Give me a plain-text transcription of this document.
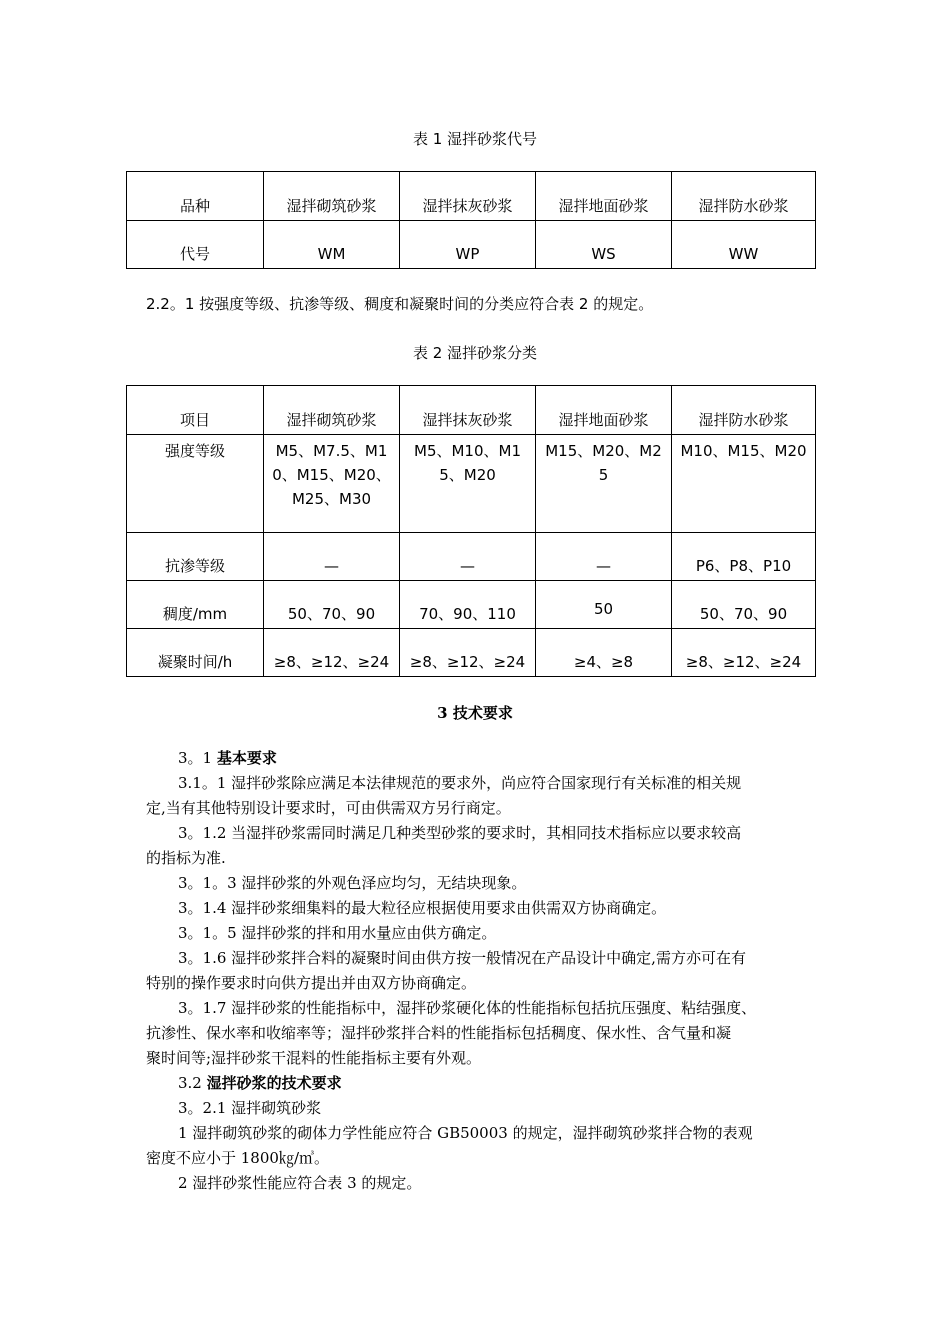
表 1 湿拌砂浆代号
品种	湿拌砌筑砂浆	湿拌抹灰砂浆	湿拌地面砂浆	湿拌防水砂浆
代号	WM	WP	WS	WW
2.2。1 按强度等级、抗渗等级、稠度和凝聚时间的分类应符合表 2 的规定。
表 2 湿拌砂浆分类
项目	湿拌砌筑砂浆	湿拌抹灰砂浆	湿拌地面砂浆	湿拌防水砂浆
强度等级	M5、M7.5、M10、M15、M20、M25、M30	M5、M10、M15、M20	M15、M20、M25	M10、M15、M20
抗渗等级	—	—	—	P6、P8、P10
稠度/mm	50、70、90	70、90、110	50	50、70、90
凝聚时间/h	≥8、≥12、≥24	≥8、≥12、≥24	≥4、≥8	≥8、≥12、≥24
3 技术要求
3。1 基本要求
3.1。1 湿拌砂浆除应满足本法律规范的要求外，尚应符合国家现行有关标准的相关规
定,当有其他特别设计要求时，可由供需双方另行商定。
3。1.2 当湿拌砂浆需同时满足几种类型砂浆的要求时，其相同技术指标应以要求较高
的指标为准.
3。1。3 湿拌砂浆的外观色泽应均匀，无结块现象。
3。1.4 湿拌砂浆细集料的最大粒径应根据使用要求由供需双方协商确定。
3。1。5 湿拌砂浆的拌和用水量应由供方确定。
3。1.6 湿拌砂浆拌合料的凝聚时间由供方按一般情况在产品设计中确定,需方亦可在有
特别的操作要求时向供方提出并由双方协商确定。
3。1.7 湿拌砂浆的性能指标中，湿拌砂浆硬化体的性能指标包括抗压强度、粘结强度、
抗渗性、保水率和收缩率等；湿拌砂浆拌合料的性能指标包括稠度、保水性、含气量和凝
聚时间等;湿拌砂浆干混料的性能指标主要有外观。
3.2 湿拌砂浆的技术要求
3。2.1 湿拌砌筑砂浆
1 湿拌砌筑砂浆的砌体力学性能应符合 GB50003 的规定，湿拌砌筑砂浆拌合物的表观
密度不应小于 1800㎏/㎥。
2 湿拌砂浆性能应符合表 3 的规定。
